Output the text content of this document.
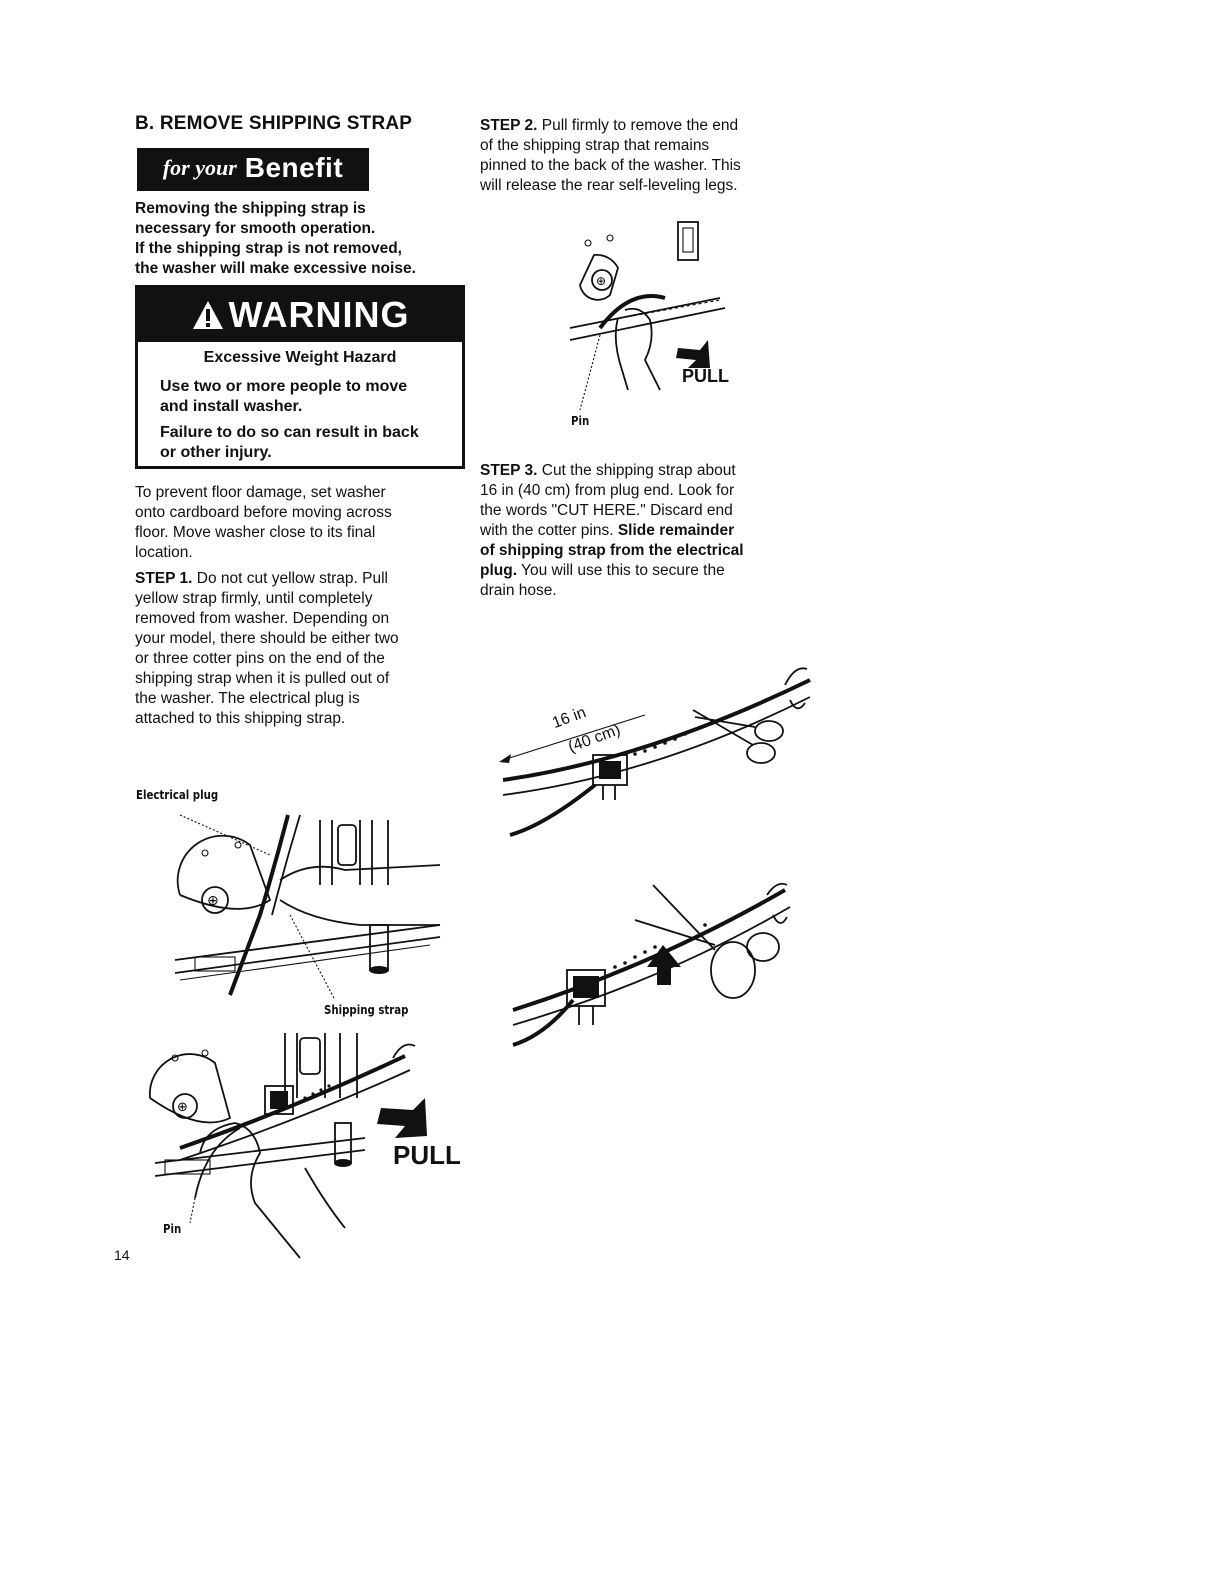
B. REMOVE SHIPPING STRAP
for your Benefit
Removing the shipping strap is
necessary for smooth operation.
If the shipping strap is not removed,
the washer will make excessive noise.
WARNING
Excessive Weight Hazard
Use two or more people to move
and install washer.
Failure to do so can result in back
or other injury.
To prevent floor damage, set washer
onto cardboard before moving across
floor. Move washer close to its final
location.
STEP 1. Do not cut yellow strap. Pull
yellow strap firmly, until completely
removed from washer. Depending on
your model, there should be either two
or three cotter pins on the end of the
shipping strap when it is pulled out of
the washer. The electrical plug is
attached to this shipping strap.
STEP 2. Pull firmly to remove the end
of the shipping strap that remains
pinned to the back of the washer. This
will release the rear self-leveling legs.
STEP 3. Cut the shipping strap about
16 in (40 cm) from plug end. Look for
the words "CUT HERE." Discard end
with the cotter pins. Slide remainder
of shipping strap from the electrical
plug. You will use this to secure the
drain hose.
⊕
PULL
Pin
16 in
(40 cm)
⊕
Electrical plug
Shipping strap
⊕
PULL
Pin
14
